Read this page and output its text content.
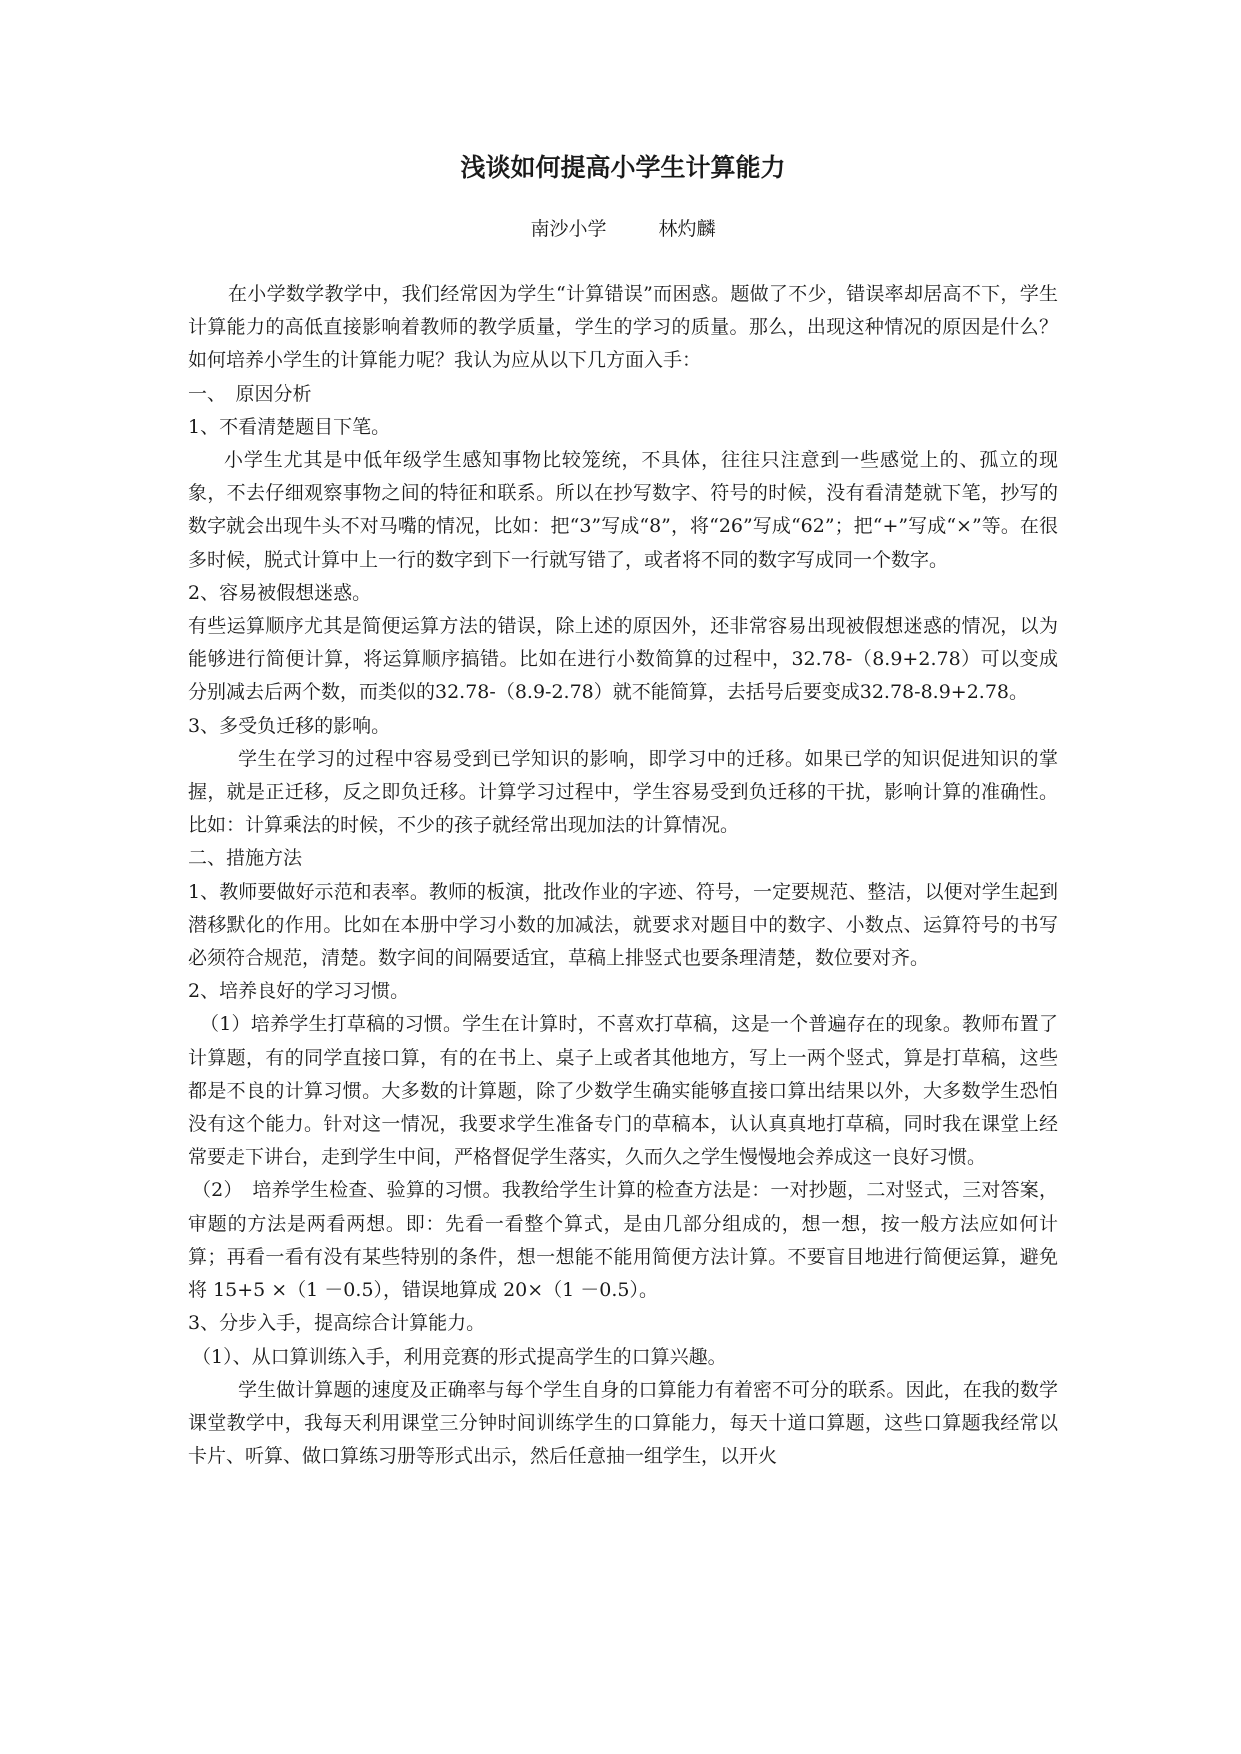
浅谈如何提高小学生计算能力
南沙小学	林灼麟

在小学数学教学中，我们经常因为学生“计算错误”而困惑。题做了不少，错误率却居高不下，学生计算能力的高低直接影响着教师的教学质量，学生的学习的质量。那么，出现这种情况的原因是什么？如何培养小学生的计算能力呢？我认为应从以下几方面入手：

一、　原因分析

1、不看清楚题目下笔。

小学生尤其是中低年级学生感知事物比较笼统，不具体，往往只注意到一些感觉上的、孤立的现象，不去仔细观察事物之间的特征和联系。所以在抄写数字、符号的时候，没有看清楚就下笔，抄写的数字就会出现牛头不对马嘴的情况，比如：把“3”写成“8”，将“26”写成“62”；把“+”写成“×”等。在很多时候，脱式计算中上一行的数字到下一行就写错了，或者将不同的数字写成同一个数字。

2、容易被假想迷惑。

有些运算顺序尤其是简便运算方法的错误，除上述的原因外，还非常容易出现被假想迷惑的情况，以为能够进行简便计算，将运算顺序搞错。比如在进行小数简算的过程中，32.78-（8.9+2.78）可以变成分别减去后两个数，而类似的32.78-（8.9-2.78）就不能简算，去括号后要变成32.78-8.9+2.78。

3、多受负迁移的影响。

学生在学习的过程中容易受到已学知识的影响，即学习中的迁移。如果已学的知识促进知识的掌握，就是正迁移，反之即负迁移。计算学习过程中，学生容易受到负迁移的干扰，影响计算的准确性。比如：计算乘法的时候，不少的孩子就经常出现加法的计算情况。

二、措施方法

1、教师要做好示范和表率。教师的板演，批改作业的字迹、符号，一定要规范、整洁，以便对学生起到潜移默化的作用。比如在本册中学习小数的加减法，就要求对题目中的数字、小数点、运算符号的书写必须符合规范，清楚。数字间的间隔要适宜，草稿上排竖式也要条理清楚，数位要对齐。

2、培养良好的学习习惯。

（1）培养学生打草稿的习惯。学生在计算时，不喜欢打草稿，这是一个普遍存在的现象。教师布置了计算题，有的同学直接口算，有的在书上、桌子上或者其他地方，写上一两个竖式，算是打草稿，这些都是不良的计算习惯。大多数的计算题，除了少数学生确实能够直接口算出结果以外，大多数学生恐怕没有这个能力。针对这一情况，我要求学生准备专门的草稿本，认认真真地打草稿，同时我在课堂上经常要走下讲台，走到学生中间，严格督促学生落实，久而久之学生慢慢地会养成这一良好习惯。

（2）　培养学生检查、验算的习惯。我教给学生计算的检查方法是：一对抄题，二对竖式，三对答案，审题的方法是两看两想。即：先看一看整个算式，是由几部分组成的，想一想，按一般方法应如何计算；再看一看有没有某些特别的条件，想一想能不能用简便方法计算。不要盲目地进行简便运算，避免将 15+5 ×（1 －0.5），错误地算成 20×（1 －0.5）。

3、分步入手，提高综合计算能力。

（1）、从口算训练入手，利用竞赛的形式提高学生的口算兴趣。

学生做计算题的速度及正确率与每个学生自身的口算能力有着密不可分的联系。因此，在我的数学课堂教学中，我每天利用课堂三分钟时间训练学生的口算能力，每天十道口算题，这些口算题我经常以卡片、听算、做口算练习册等形式出示，然后任意抽一组学生，以开火
